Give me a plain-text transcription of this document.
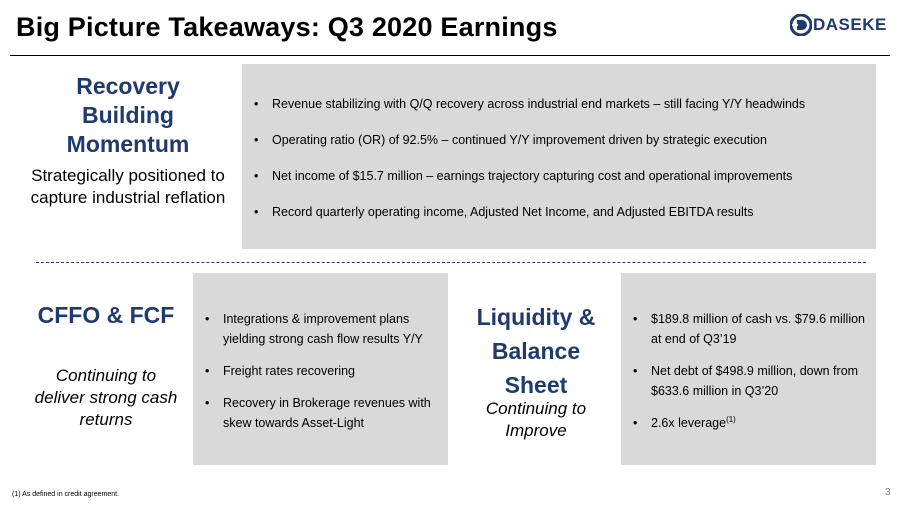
Big Picture Takeaways: Q3 2020 Earnings	DASEKE
Recovery Building Momentum
Strategically positioned to capture industrial reflation
• Revenue stabilizing with Q/Q recovery across industrial end markets – still facing Y/Y headwinds
• Operating ratio (OR) of 92.5% – continued Y/Y improvement driven by strategic execution
• Net income of $15.7 million – earnings trajectory capturing cost and operational improvements
• Record quarterly operating income, Adjusted Net Income, and Adjusted EBITDA results
CFFO & FCF
Continuing to deliver strong cash returns
• Integrations & improvement plans yielding strong cash flow results Y/Y
• Freight rates recovering
• Recovery in Brokerage revenues with skew towards Asset-Light
Liquidity & Balance
Sheet
Continuing to Improve
• $189.8 million of cash vs. $79.6 million at end of Q3’19
• Net debt of $498.9 million, down from $633.6 million in Q3’20
• 2.6x leverage$^{(1)}$
(1) As defined in credit agreement.	3
